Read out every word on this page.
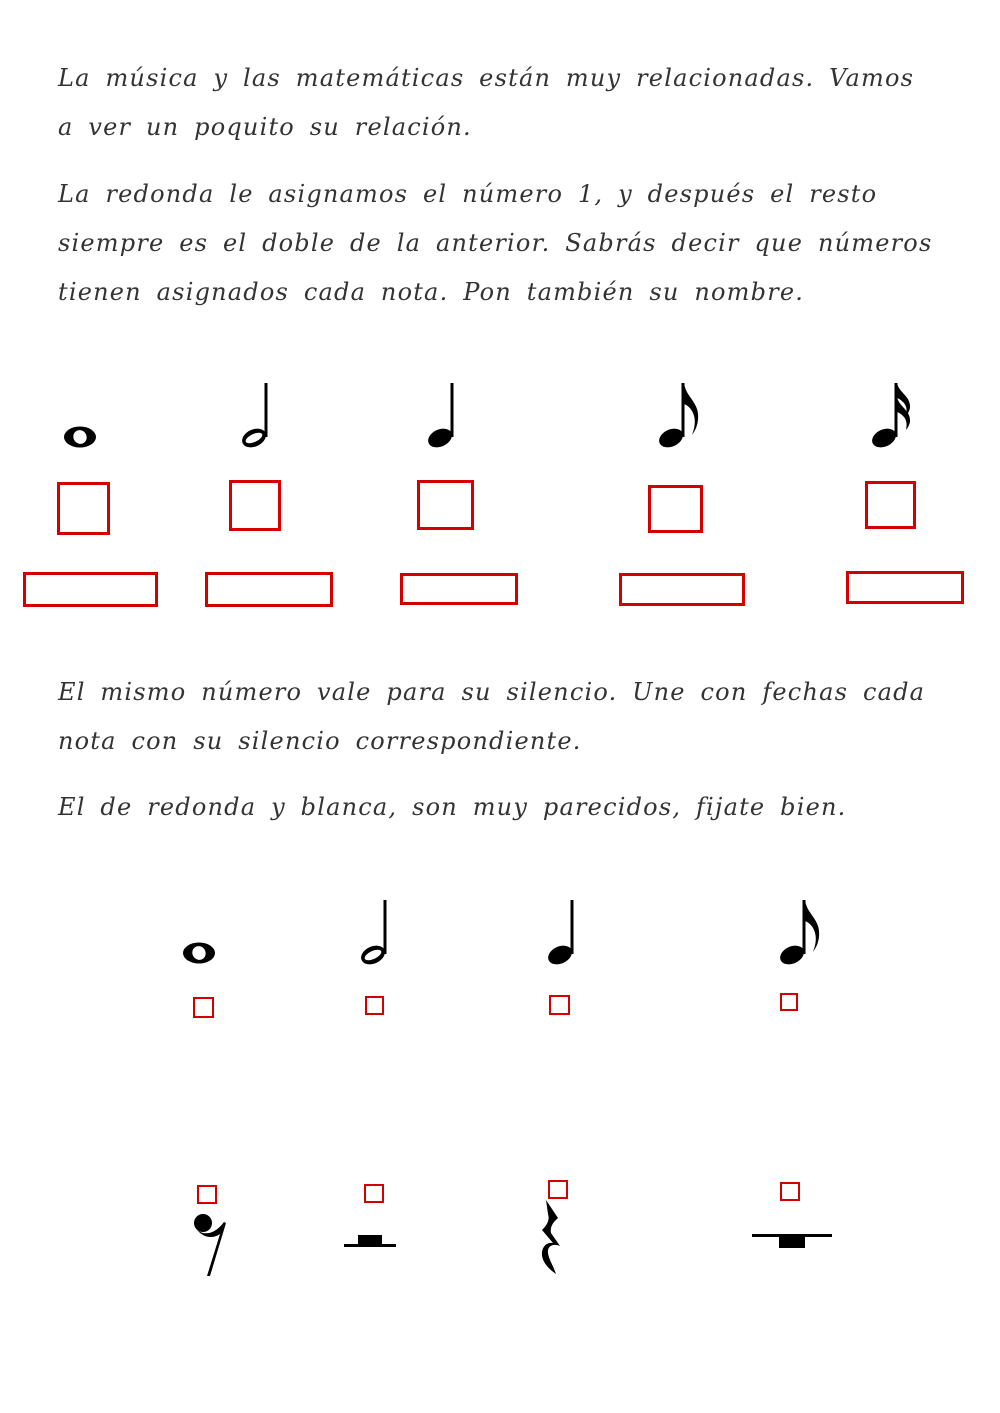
La música y las matemáticas están muy relacionadas. Vamos a ver un poquito su relación.

La redonda le asignamos el número 1, y después el resto siempre es el doble de la anterior. Sabrás decir que números tienen asignados cada nota. Pon también su nombre.

El mismo número vale para su silencio. Une con fechas cada nota con su silencio correspondiente.

El de redonda y blanca, son muy parecidos, fijate bien.
